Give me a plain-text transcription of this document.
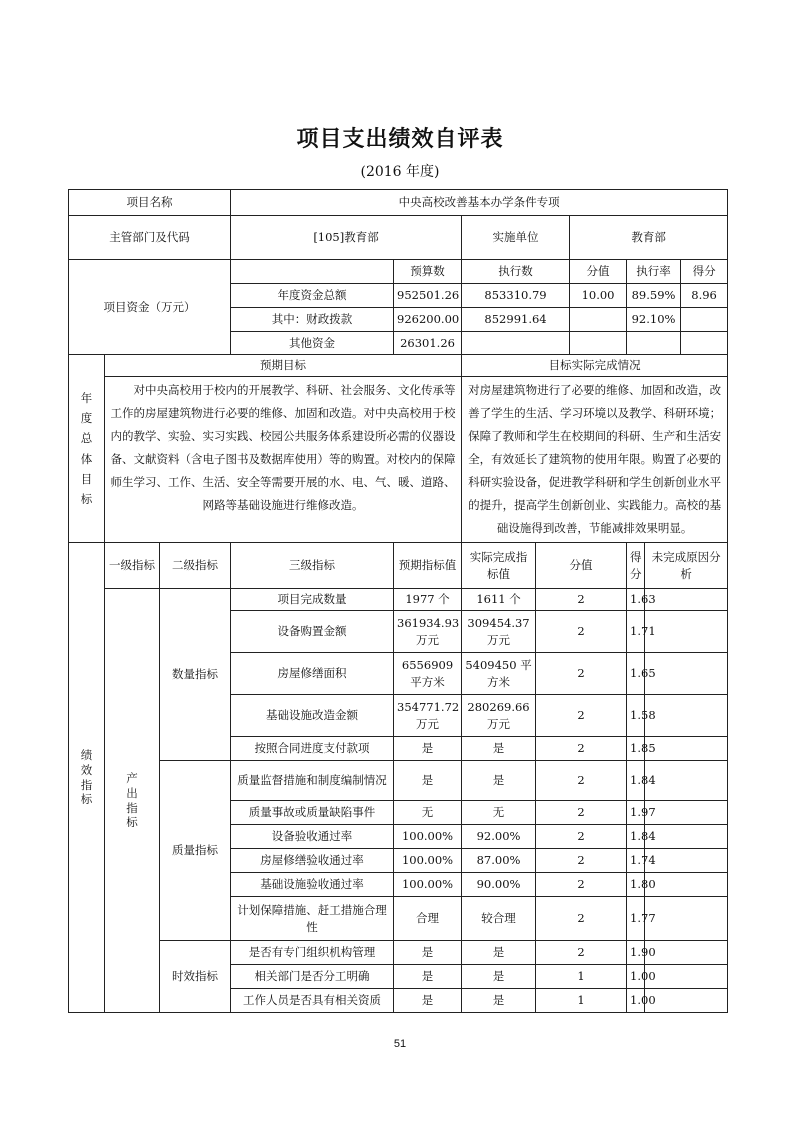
项目支出绩效自评表
(2016 年度)
项目名称			中央高校改善基本办学条件专项							
主管部门及代码			[105]教育部		实施单位		教育部			
项目资金（万元）				预算数	执行数		分值	执行率		得分
			年度资金总额	952501.26	853310.79		10.00	89.59%		8.96
			其中：财政拨款	926200.00	852991.64			92.10%		
			其他资金	26301.26						

年度总体目标	预期目标				目标实际完成情况					
	对中央高校用于校内的开展教学、科研、社会服务、文化传承等工作的房屋建筑物进行必要的维修、加固和改造。对中央高校用于校内的教学、实验、实习实践、校园公共服务体系建设所必需的仪器设备、文献资料（含电子图书及数据库使用）等的购置。对校内的保障师生学习、工作、生活、安全等需要开展的水、电、气、暖、道路、网路等基础设施进行维修改造。				对房屋建筑物进行了必要的维修、加固和改造，改善了学生的生活、学习环境以及教学、科研环境；保障了教师和学生在校期间的科研、生产和生活安全，有效延长了建筑物的使用年限。购置了必要的科研实验设备，促进教学科研和学生创新创业水平的提升，提高学生创新创业、实践能力。高校的基础设施得到改善，节能减排效果明显。					

绩效指标	一级指标	二级指标	三级指标	预期指标值	实际完成指标值	分值		得分	未完成原因分析	

	产出指标	数量指标	项目完成数量	1977 个	1611 个	2		1.63		
			设备购置金额	361934.93万元	309454.37万元	2		1.71		
			房屋修缮面积	6556909平方米	5409450 平方米	2		1.65		
			基础设施改造金额	354771.72万元	280269.66万元	2		1.58		
			按照合同进度支付款项	是	是	2		1.85		
		质量指标	质量监督措施和制度编制情况	是	是	2		1.84		
			质量事故或质量缺陷事件	无	无	2		1.97		
			设备验收通过率	100.00%	92.00%	2		1.84		
			房屋修缮验收通过率	100.00%	87.00%	2		1.74		
			基础设施验收通过率	100.00%	90.00%	2		1.80		
			计划保障措施、赶工措施合理性	合理	较合理	2		1.77		
		时效指标	是否有专门组织机构管理	是	是	2		1.90		
			相关部门是否分工明确	是	是	1		1.00		
			工作人员是否具有相关资质	是	是	1		1.00		
51
